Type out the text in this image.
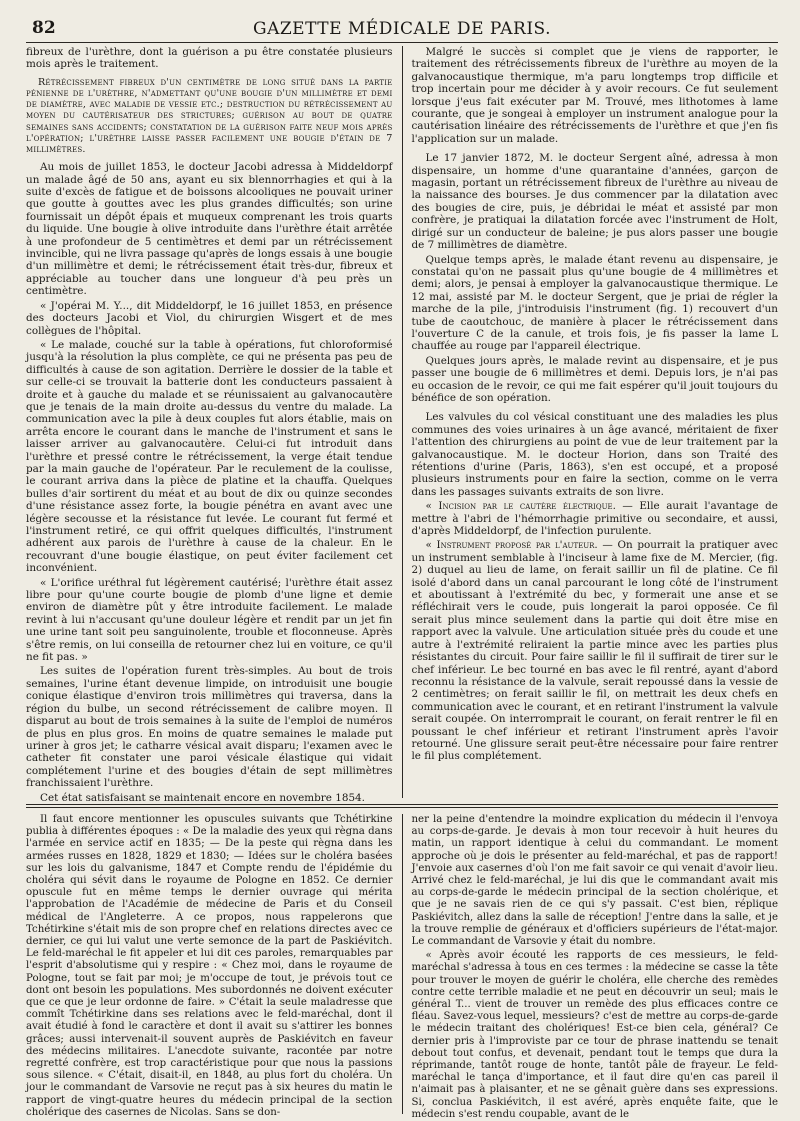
82	GAZETTE MÉDICALE DE PARIS.

fibreux de l'urèthre, dont la guérison a pu être constatée plusieurs mois après le traitement.

Rétrécissement fibreux d'un centimètre de long situé dans la partie pénienne de l'urèthre, n'admettant qu'une bougie d'un millimètre et demi de diamètre, avec maladie de vessie etc.; destruction du rétrécissement au moyen du cautérisateur des strictures; guérison au bout de quatre semaines sans accidents; constatation de la guérison faite neuf mois après l'opération; l'urèthre laisse passer facilement une bougie d'étain de 7 millimètres.

Au mois de juillet 1853, le docteur Jacobi adressa à Middeldorpf un malade âgé de 50 ans, ayant eu six blennorrhagies et qui à la suite d'excès de fatigue et de boissons alcooliques ne pouvait uriner que goutte à gouttes avec les plus grandes difficultés; son urine fournissait un dépôt épais et muqueux comprenant les trois quarts du liquide. Une bougie à olive introduite dans l'urèthre était arrêtée à une profondeur de 5 centimètres et demi par un rétrécissement invincible, qui ne livra passage qu'après de longs essais à une bougie d'un millimètre et demi; le rétrécissement était très-dur, fibreux et appréciable au toucher dans une longueur d'à peu près un centimètre.

« J'opérai M. Y..., dit Middeldorpf, le 16 juillet 1853, en présence des docteurs Jacobi et Viol, du chirurgien Wisgert et de mes collègues de l'hôpital.

« Le malade, couché sur la table à opérations, fut chloroformisé jusqu'à la résolution la plus complète, ce qui ne présenta pas peu de difficultés à cause de son agitation. Derrière le dossier de la table et sur celle-ci se trouvait la batterie dont les conducteurs passaient à droite et à gauche du malade et se réunissaient au galvanocautère que je tenais de la main droite au-dessus du ventre du malade. La communication avec la pile à deux couples fut alors établie, mais on arrêta encore le courant dans le manche de l'instrument et sans le laisser arriver au galvanocautère. Celui-ci fut introduit dans l'urèthre et pressé contre le rétrécissement, la verge était tendue par la main gauche de l'opérateur. Par le reculement de la coulisse, le courant arriva dans la pièce de platine et la chauffa. Quelques bulles d'air sortirent du méat et au bout de dix ou quinze secondes d'une résistance assez forte, la bougie pénétra en avant avec une légère secousse et la résistance fut levée. Le courant fut fermé et l'instrument retiré, ce qui offrit quelques difficultés, l'instrument adhérent aux parois de l'urèthre à cause de la chaleur. En le recouvrant d'une bougie élastique, on peut éviter facilement cet inconvénient.

« L'orifice uréthral fut légèrement cautérisé; l'urèthre était assez libre pour qu'une courte bougie de plomb d'une ligne et demie environ de diamètre pût y être introduite facilement. Le malade revint à lui n'accusant qu'une douleur légère et rendit par un jet fin une urine tant soit peu sanguinolente, trouble et floconneuse. Après s'être remis, on lui conseilla de retourner chez lui en voiture, ce qu'il ne fit pas. »

Les suites de l'opération furent très-simples. Au bout de trois semaines, l'urine étant devenue limpide, on introduisit une bougie conique élastique d'environ trois millimètres qui traversa, dans la région du bulbe, un second rétrécissement de calibre moyen. Il disparut au bout de trois semaines à la suite de l'emploi de numéros de plus en plus gros. En moins de quatre semaines le malade put uriner à gros jet; le catharre vésical avait disparu; l'examen avec le catheter fit constater une paroi vésicale élastique qui vidait complétement l'urine et des bougies d'étain de sept millimètres franchissaient l'urèthre.

Cet état satisfaisant se maintenait encore en novembre 1854.

Malgré le succès si complet que je viens de rapporter, le traitement des rétrécissements fibreux de l'urèthre au moyen de la galvanocaustique thermique, m'a paru longtemps trop difficile et trop incertain pour me décider à y avoir recours. Ce fut seulement lorsque j'eus fait exécuter par M. Trouvé, mes lithotomes à lame courante, que je songeai à employer un instrument analogue pour la cautérisation linéaire des rétrécissements de l'urèthre et que j'en fis l'application sur un malade.

Le 17 janvier 1872, M. le docteur Sergent aîné, adressa à mon dispensaire, un homme d'une quarantaine d'années, garçon de magasin, portant un rétrécissement fibreux de l'urèthre au niveau de la naissance des bourses. Je dus commencer par la dilatation avec des bougies de cire, puis, je débridai le méat et assisté par mon confrère, je pratiquai la dilatation forcée avec l'instrument de Holt, dirigé sur un conducteur de baleine; je pus alors passer une bougie de 7 millimètres de diamètre.

Quelque temps après, le malade étant revenu au dispensaire, je constatai qu'on ne passait plus qu'une bougie de 4 millimètres et demi; alors, je pensai à employer la galvanocaustique thermique. Le 12 mai, assisté par M. le docteur Sergent, que je priai de régler la marche de la pile, j'introduisis l'instrument (fig. 1) recouvert d'un tube de caoutchouc, de manière à placer le rétrécissement dans l'ouverture C de la canule, et trois fois, je fis passer la lame L chauffée au rouge par l'appareil électrique.

Quelques jours après, le malade revint au dispensaire, et je pus passer une bougie de 6 millimètres et demi. Depuis lors, je n'ai pas eu occasion de le revoir, ce qui me fait espérer qu'il jouit toujours du bénéfice de son opération.

Les valvules du col vésical constituant une des maladies les plus communes des voies urinaires à un âge avancé, méritaient de fixer l'attention des chirurgiens au point de vue de leur traitement par la galvanocaustique. M. le docteur Horion, dans son Traité des rétentions d'urine (Paris, 1863), s'en est occupé, et a proposé plusieurs instruments pour en faire la section, comme on le verra dans les passages suivants extraits de son livre.

« Incision par le cautère électrique. — Elle aurait l'avantage de mettre à l'abri de l'hémorrhagie primitive ou secondaire, et aussi, d'après Middeldorpf, de l'infection purulente.

« Instrument proposé par l'auteur. — On pourrait la pratiquer avec un instrument semblable à l'inciseur à lame fixe de M. Mercier, (fig. 2) duquel au lieu de lame, on ferait saillir un fil de platine. Ce fil isolé d'abord dans un canal parcourant le long côté de l'instrument et aboutissant à l'extrémité du bec, y formerait une anse et se réfléchirait vers le coude, puis longerait la paroi opposée. Ce fil serait plus mince seulement dans la partie qui doit être mise en rapport avec la valvule. Une articulation située près du coude et une autre à l'extrémité reliraient la partie mince avec les parties plus résistantes du circuit. Pour faire saillir le fil il suffirait de tirer sur le chef inférieur. Le bec tourné en bas avec le fil rentré, ayant d'abord reconnu la résistance de la valvule, serait repoussé dans la vessie de 2 centimètres; on ferait saillir le fil, on mettrait les deux chefs en communication avec le courant, et en retirant l'instrument la valvule serait coupée. On interromprait le courant, on ferait rentrer le fil en poussant le chef inférieur et retirant l'instrument après l'avoir retourné. Une glissure serait peut-être nécessaire pour faire rentrer le fil plus complétement.

Il faut encore mentionner les opuscules suivants que Tchétirkine publia à différentes époques : « De la maladie des yeux qui règna dans l'armée en service actif en 1835; — De la peste qui règna dans les armées russes en 1828, 1829 et 1830; — Idées sur le choléra basées sur les lois du galvanisme, 1847 et Compte rendu de l'épidémie du choléra qui sévit dans le royaume de Pologne en 1852. Ce dernier opuscule fut en même temps le dernier ouvrage qui mérita l'approbation de l'Académie de médecine de Paris et du Conseil médical de l'Angleterre. A ce propos, nous rappelerons que Tchétirkine s'était mis de son propre chef en relations directes avec ce dernier, ce qui lui valut une verte semonce de la part de Paskiévitch. Le feld-maréchal le fit appeler et lui dit ces paroles, remarquables par l'esprit d'absolutisme qui y respire : « Chez moi, dans le royaume de Pologne, tout se fait par moi; je m'occupe de tout, je prévois tout ce dont ont besoin les populations. Mes subordonnés ne doivent exécuter que ce que je leur ordonne de faire. » C'était la seule maladresse que commît Tchétirkine dans ses relations avec le feld-maréchal, dont il avait étudié à fond le caractère et dont il avait su s'attirer les bonnes grâces; aussi intervenait-il souvent auprès de Paskiévitch en faveur des médecins militaires. L'anecdote suivante, racontée par notre regretté confrère, est trop caractéristique pour que nous la passions sous silence. « C'était, disait-il, en 1848, au plus fort du choléra. Un jour le commandant de Varsovie ne reçut pas à six heures du matin le rapport de vingt-quatre heures du médecin principal de la section cholérique des casernes de Nicolas. Sans se don-

ner la peine d'entendre la moindre explication du médecin il l'envoya au corps-de-garde. Je devais à mon tour recevoir à huit heures du matin, un rapport identique à celui du commandant. Le moment approche où je dois le présenter au feld-maréchal, et pas de rapport! J'envoie aux casernes d'où l'on me fait savoir ce qui venait d'avoir lieu. Arrivé chez le feld-maréchal, je lui dis que le commandant avait mis au corps-de-garde le médecin principal de la section cholérique, et que je ne savais rien de ce qui s'y passait. C'est bien, réplique Paskiévitch, allez dans la salle de réception! J'entre dans la salle, et je la trouve remplie de généraux et d'officiers supérieurs de l'état-major. Le commandant de Varsovie y était du nombre.

« Après avoir écouté les rapports de ces messieurs, le feld-maréchal s'adressa à tous en ces termes : la médecine se casse la tête pour trouver le moyen de guérir le choléra, elle cherche des remèdes contre cette terrible maladie et ne peut en découvrir un seul; mais le général T... vient de trouver un remède des plus efficaces contre ce fléau. Savez-vous lequel, messieurs? c'est de mettre au corps-de-garde le médecin traitant des cholériques! Est-ce bien cela, général? Ce dernier pris à l'improviste par ce tour de phrase inattendu se tenait debout tout confus, et devenait, pendant tout le temps que dura la réprimande, tantôt rouge de honte, tantôt pâle de frayeur. Le feld-maréchal le tança d'importance, et il faut dire qu'en cas pareil il n'aimait pas à plaisanter, et ne se gênait guère dans ses expressions. Si, conclua Paskiévitch, il est avéré, après enquête faite, que le médecin s'est rendu coupable, avant de le
